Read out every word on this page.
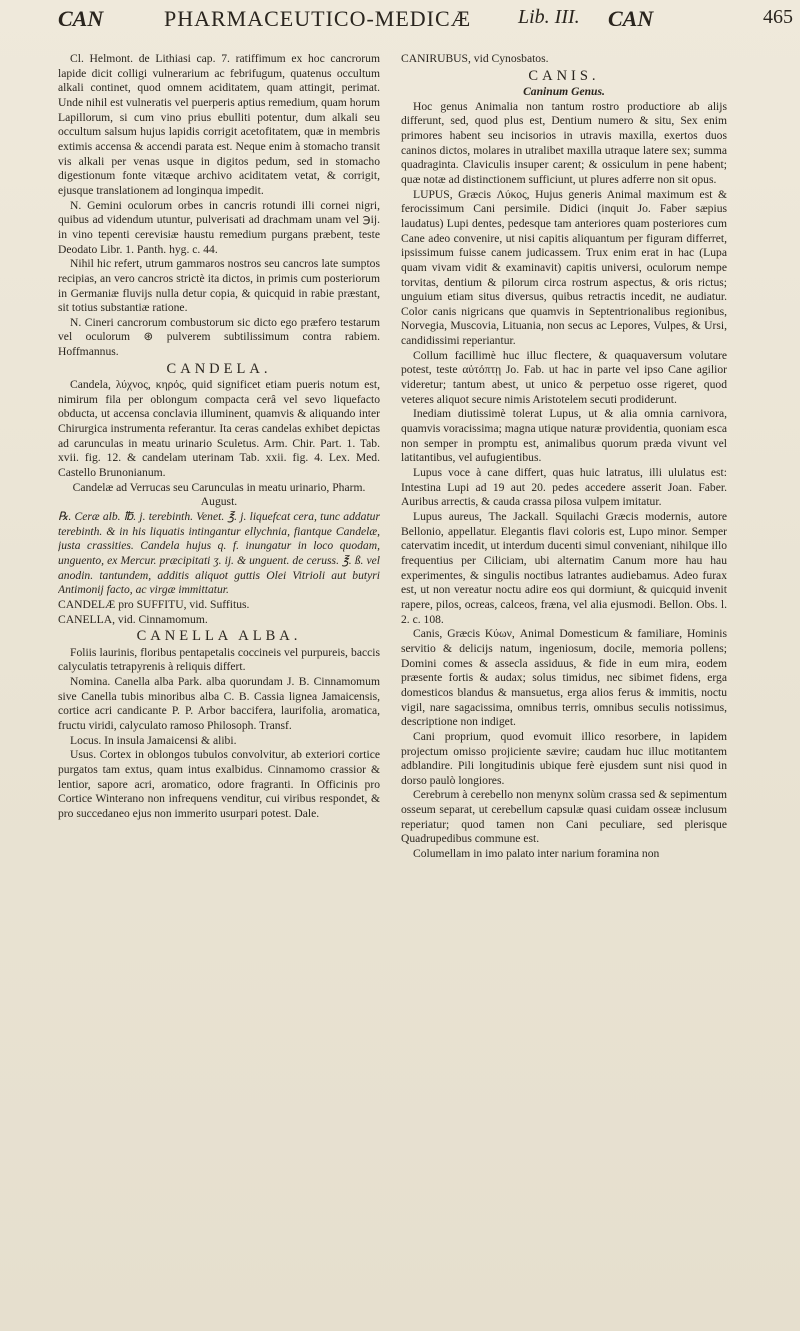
CAN	PHARMACEUTICO-MEDICÆ Lib. III. CAN	465

Cl. Helmont. de Lithiasi cap. 7. ratiffimum ex hoc cancrorum lapide dicit colligi vulnerarium ac febrifugum, quatenus occultum alkali continet, quod omnem aciditatem, quam attingit, perimat. Unde nihil est vulneratis vel puerperis aptius remedium, quam horum Lapillorum, si cum vino prius ebulliti potentur, dum alkali seu occultum salsum hujus lapidis corrigit acetofitatem, quæ in membris extimis accensa & accendi parata est. Neque enim à stomacho transit vis alkali per venas usque in digitos pedum, sed in stomacho digestionum fonte vitæque archivo aciditatem vetat, & corrigit, ejusque translationem ad longinqua impedit.

N. Gemini oculorum orbes in cancris rotundi illi cornei nigri, quibus ad videndum utuntur, pulverisati ad drachmam unam vel ℈ij. in vino tepenti cerevisiæ haustu remedium purgans præbent, teste Deodato Libr. 1. Panth. hyg. c. 44.

Nihil hic refert, utrum gammaros nostros seu cancros late sumptos recipias, an vero cancros strictè ita dictos, in primis cum posteriorum in Germaniæ fluvijs nulla detur copia, & quicquid in rabie præstant, sit totius substantiæ ratione.

N. Cineri cancrorum combustorum sic dicto ego præfero testarum vel oculorum ⊛ pulverem subtilissimum contra rabiem. Hoffmannus.

CANDELA.

Candela, λύχνος, κηρός, quid significet etiam pueris notum est, nimirum fila per oblongum compacta cerâ vel sevo liquefacto obducta, ut accensa conclavia illuminent, quamvis & aliquando inter Chirurgica instrumenta referantur. Ita ceras candelas exhibet depictas ad carunculas in meatu urinario Sculetus. Arm. Chir. Part. 1. Tab. xvii. fig. 12. & candelam uterinam Tab. xxii. fig. 4. Lex. Med. Castello Brunonianum.

Candelæ ad Verrucas seu Carunculas in meatu urinario, Pharm. August.

℞. Ceræ alb. ℔. j. terebinth. Venet. ℥. j. liquefcat cera, tunc addatur terebinth. & in his liquatis intingantur ellychnia, fiantque Candelæ, justa crassities. Candela hujus q. f. inungatur in loco quodam, unguento, ex Mercur. præcipitati ʒ. ij. & unguent. de ceruss. ℥. ß. vel anodin. tantundem, additis aliquot guttis Olei Vitrioli aut butyri Antimonij facto, ac virgæ immittatur.

CANDELÆ pro SUFFITU, vid. Suffitus.

CANELLA, vid. Cinnamomum.

CANELLA ALBA.

Foliis laurinis, floribus pentapetalis coccineis vel purpureis, baccis calyculatis tetrapyrenis à reliquis differt.

Nomina. Canella alba Park. alba quorundam J. B. Cinnamomum sive Canella tubis minoribus alba C. B. Cassia lignea Jamaicensis, cortice acri candicante P. P. Arbor baccifera, laurifolia, aromatica, fructu viridi, calyculato ramoso Philosoph. Transf.

Locus. In insula Jamaicensi & alibi.

Usus. Cortex in oblongos tubulos convolvitur, ab exteriori cortice purgatos tam extus, quam intus exalbidus. Cinnamomo crassior & lentior, sapore acri, aromatico, odore fragranti. In Officinis pro Cortice Winterano non infrequens venditur, cui viribus respondet, & pro succedaneo ejus non immerito usurpari potest. Dale.

CANIRUBUS, vid Cynosbatos.

CANIS.

Caninum Genus.

Hoc genus Animalia non tantum rostro productiore ab alijs differunt, sed, quod plus est, Dentium numero & situ, Sex enim primores habent seu incisorios in utravis maxilla, exertos duos caninos dictos, molares in utralibet maxilla utraque latere sex; summa quadraginta. Claviculis insuper carent; & ossiculum in pene habent; quæ notæ ad distinctionem sufficiunt, ut plures adferre non sit opus.

LUPUS, Græcis Λύκος, Hujus generis Animal maximum est & ferocissimum Cani persimile. Didici (inquit Jo. Faber sæpius laudatus) Lupi dentes, pedesque tam anteriores quam posteriores cum Cane adeo convenire, ut nisi capitis aliquantum per figuram differret, ipsissimum fuisse canem judicassem. Trux enim erat in hac (Lupa quam vivam vidit & examinavit) capitis universi, oculorum nempe torvitas, dentium & pilorum circa rostrum aspectus, & oris rictus; unguium etiam situs diversus, quibus retractis incedit, ne audiatur. Color canis nigricans que quamvis in Septentrionalibus regionibus, Norvegia, Muscovia, Lituania, non secus ac Lepores, Vulpes, & Ursi, candidissimi reperiantur.

Collum facillimè huc illuc flectere, & quaquaversum volutare potest, teste αὐτόπτῃ Jo. Fab. ut hac in parte vel ipso Cane agilior videretur; tantum abest, ut unico & perpetuo osse rigeret, quod veteres aliquot secure nimis Aristotelem secuti prodiderunt.

Inediam diutissimè tolerat Lupus, ut & alia omnia carnivora, quamvis voracissima; magna utique naturæ providentia, quoniam esca non semper in promptu est, animalibus quorum præda vivunt vel latitantibus, vel aufugientibus.

Lupus voce à cane differt, quas huic latratus, illi ululatus est: Intestina Lupi ad 19 aut 20. pedes accedere asserit Joan. Faber. Auribus arrectis, & cauda crassa pilosa vulpem imitatur.

Lupus aureus, The Jackall. Squilachi Græcis modernis, autore Bellonio, appellatur. Elegantis flavi coloris est, Lupo minor. Semper catervatim incedit, ut interdum ducenti simul conveniant, nihilque illo frequentius per Ciliciam, ubi alternatim Canum more hau hau experimentes, & singulis noctibus latrantes audiebamus. Adeo furax est, ut non vereatur noctu adire eos qui dormiunt, & quicquid invenit rapere, pilos, ocreas, calceos, fræna, vel alia ejusmodi. Bellon. Obs. l. 2. c. 108.

Canis, Græcis Κύων, Animal Domesticum & familiare, Hominis servitio & delicijs natum, ingeniosum, docile, memoria pollens; Domini comes & assecla assiduus, & fide in eum mira, eodem præsente fortis & audax; solus timidus, nec sibimet fidens, erga domesticos blandus & mansuetus, erga alios ferus & immitis, noctu vigil, nare sagacissima, omnibus terris, omnibus seculis notissimus, descriptione non indiget.

Cani proprium, quod evomuit illico resorbere, in lapidem projectum omisso projiciente sævire; caudam huc illuc motitantem adblandire. Pili longitudinis ubique ferè ejusdem sunt nisi quod in dorso paulò longiores.

Cerebrum à cerebello non menynx solùm crassa sed & sepimentum osseum separat, ut cerebellum capsulæ quasi cuidam osseæ inclusum reperiatur; quod tamen non Cani peculiare, sed plerisque Quadrupedibus commune est.

Columellam in imo palato inter narium foramina non
